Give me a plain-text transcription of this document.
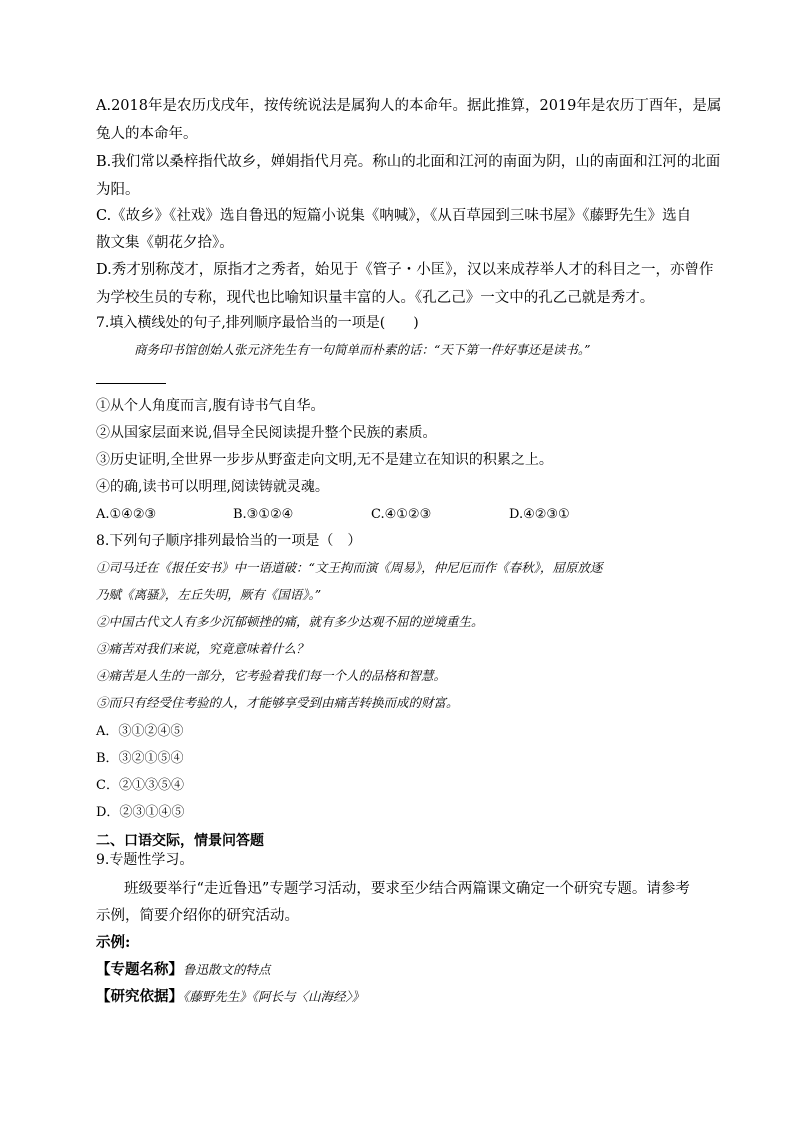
A.2018年是农历戊戌年，按传统说法是属狗人的本命年。据此推算，2019年是农历丁酉年，是属
兔人的本命年。
B.我们常以桑梓指代故乡，婵娟指代月亮。称山的北面和江河的南面为阴，山的南面和江河的北面
为阳。
C.《故乡》《社戏》选自鲁迅的短篇小说集《呐喊》，《从百草园到三味书屋》《藤野先生》选自
散文集《朝花夕拾》。
D.秀才别称茂才，原指才之秀者，始见于《管子・小匡》，汉以来成荐举人才的科目之一，亦曾作
为学校生员的专称，现代也比喻知识量丰富的人。《孔乙己》一文中的孔乙己就是秀才。
7.填入横线处的句子,排列顺序最恰当的一项是(　　)
商务印书馆创始人张元济先生有一句简单而朴素的话：“天下第一件好事还是读书。”
①从个人角度而言,腹有诗书气自华。
②从国家层面来说,倡导全民阅读提升整个民族的素质。
③历史证明,全世界一步步从野蛮走向文明,无不是建立在知识的积累之上。
④的确,读书可以明理,阅读铸就灵魂。
A.①④②③	B.③①②④	C.④①②③	D.④②③①
8.下列句子顺序排列最恰当的一项是（　）
①司马迁在《报任安书》中一语道破：“文王拘而演《周易》，仲尼厄而作《春秋》，屈原放逐
乃赋《离骚》，左丘失明，厥有《国语》。”
②中国古代文人有多少沉郁顿挫的痛，就有多少达观不屈的逆境重生。
③痛苦对我们来说，究竟意味着什么？
④痛苦是人生的一部分，它考验着我们每一个人的品格和智慧。
⑤而只有经受住考验的人，才能够享受到由痛苦转换而成的财富。
A．③①②④⑤
B．③②①⑤④
C．②①③⑤④
D．②③①④⑤
二、口语交际，情景问答题
9.专题性学习。
班级要举行“走近鲁迅”专题学习活动，要求至少结合两篇课文确定一个研究专题。请参考
示例，简要介绍你的研究活动。
示例:
【专题名称】鲁迅散文的特点
【研究依据】《藤野先生》《阿长与〈山海经〉》
